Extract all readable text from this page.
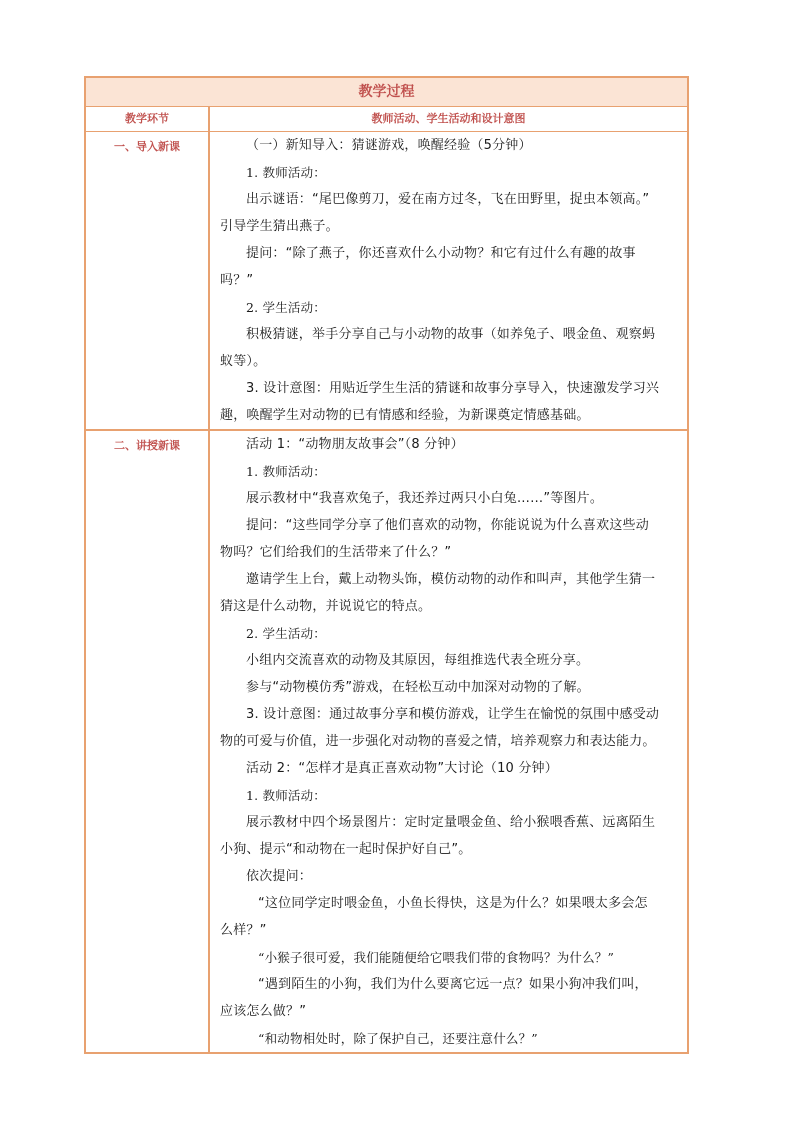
教学过程
教学环节	教师活动、学生活动和设计意图
一、导入新课	（一）新知导入：猜谜游戏，唤醒经验（5分钟）

1. 教师活动：

出示谜语：“尾巴像剪刀，爱在南方过冬，飞在田野里，捉虫本领高。”

引导学生猜出燕子。

提问：“除了燕子，你还喜欢什么小动物？和它有过什么有趣的故事

吗？”

2. 学生活动：

积极猜谜，举手分享自己与小动物的故事（如养兔子、喂金鱼、观察蚂

蚁等）。

3. 设计意图：用贴近学生生活的猜谜和故事分享导入，快速激发学习兴

趣，唤醒学生对动物的已有情感和经验，为新课奠定情感基础。

二、讲授新课	活动 1：“动物朋友故事会”（8 分钟）

1. 教师活动：

展示教材中“我喜欢兔子，我还养过两只小白兔……”等图片。

提问：“这些同学分享了他们喜欢的动物，你能说说为什么喜欢这些动

物吗？它们给我们的生活带来了什么？”

邀请学生上台，戴上动物头饰，模仿动物的动作和叫声，其他学生猜一

猜这是什么动物，并说说它的特点。

2. 学生活动：

小组内交流喜欢的动物及其原因，每组推选代表全班分享。

参与“动物模仿秀”游戏，在轻松互动中加深对动物的了解。

3. 设计意图：通过故事分享和模仿游戏，让学生在愉悦的氛围中感受动

物的可爱与价值，进一步强化对动物的喜爱之情，培养观察力和表达能力。

活动 2：“怎样才是真正喜欢动物”大讨论（10 分钟）

1. 教师活动：

展示教材中四个场景图片：定时定量喂金鱼、给小猴喂香蕉、远离陌生

小狗、提示“和动物在一起时保护好自己”。

依次提问：

“这位同学定时喂金鱼，小鱼长得快，这是为什么？如果喂太多会怎

么样？”

“小猴子很可爱，我们能随便给它喂我们带的食物吗？为什么？”

“遇到陌生的小狗，我们为什么要离它远一点？如果小狗冲我们叫，

应该怎么做？”

“和动物相处时，除了保护自己，还要注意什么？”
